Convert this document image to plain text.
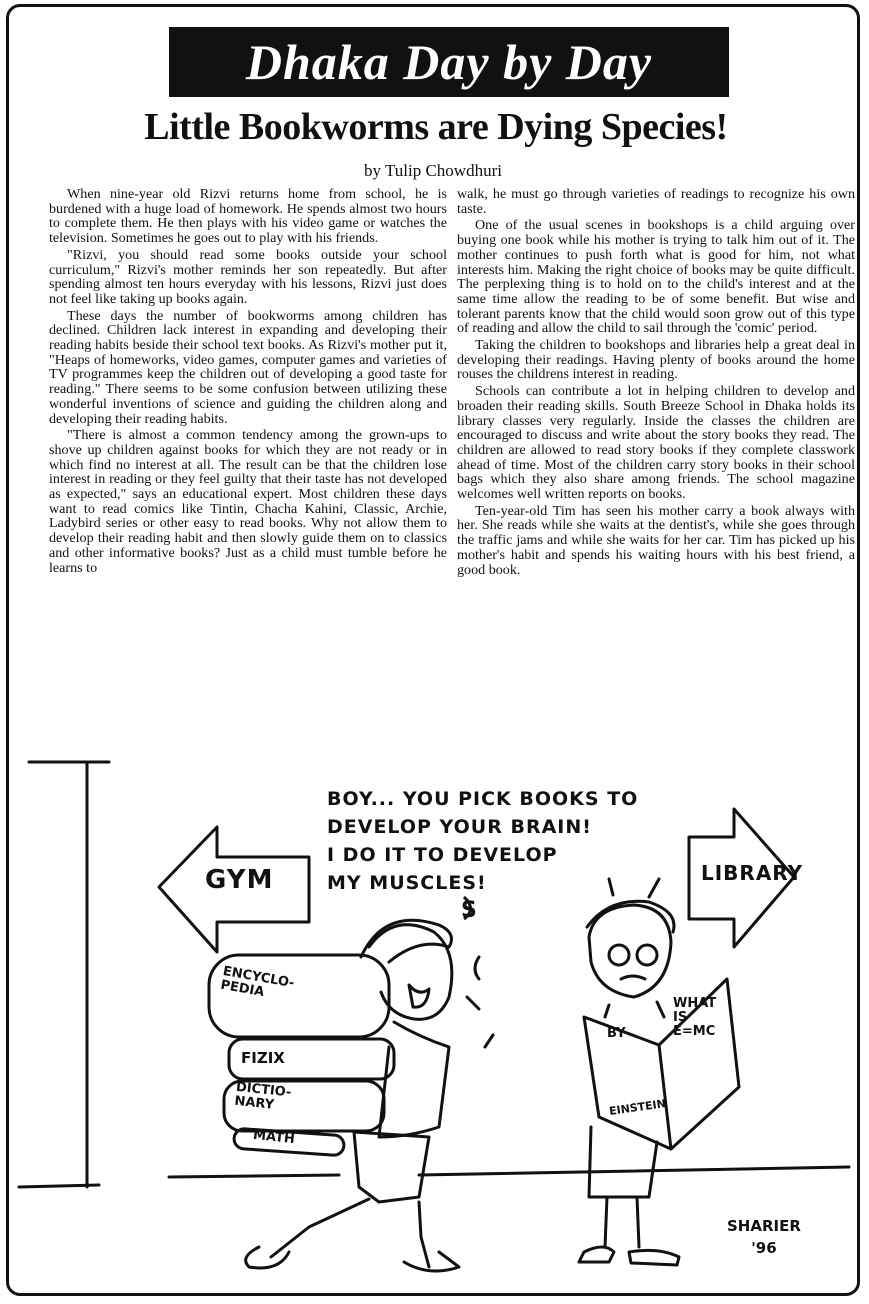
Dhaka Day by Day
Little Bookworms are Dying Species!
by Tulip Chowdhuri

When nine-year old Rizvi returns home from school, he is burdened with a huge load of homework. He spends almost two hours to complete them. He then plays with his video game or watches the television. Sometimes he goes out to play with his friends.

"Rizvi, you should read some books outside your school curriculum," Rizvi's mother reminds her son repeatedly. But after spending almost ten hours everyday with his lessons, Rizvi just does not feel like taking up books again.

These days the number of bookworms among children has declined. Children lack interest in expanding and developing their reading habits beside their school text books. As Rizvi's mother put it, "Heaps of homeworks, video games, computer games and varieties of TV programmes keep the children out of developing a good taste for reading." There seems to be some confusion between utilizing these wonderful inventions of science and guiding the children along and developing their reading habits.

"There is almost a common tendency among the grown-ups to shove up children against books for which they are not ready or in which find no interest at all. The result can be that the children lose interest in reading or they feel guilty that their taste has not developed as expected," says an educational expert. Most children these days want to read comics like Tintin, Chacha Kahini, Classic, Archie, Ladybird series or other easy to read books. Why not allow them to develop their reading habit and then slowly guide them on to classics and other informative books? Just as a child must tumble before he learns to

walk, he must go through varieties of readings to recognize his own taste.

One of the usual scenes in bookshops is a child arguing over buying one book while his mother is trying to talk him out of it. The mother continues to push forth what is good for him, not what interests him. Making the right choice of books may be quite difficult. The perplexing thing is to hold on to the child's interest and at the same time allow the reading to be of some benefit. But wise and tolerant parents know that the child would soon grow out of this type of reading and allow the child to sail through the 'comic' period.

Taking the children to bookshops and libraries help a great deal in developing their readings. Having plenty of books around the home rouses the childrens interest in reading.

Schools can contribute a lot in helping children to develop and broaden their reading skills. South Breeze School in Dhaka holds its library classes very regularly. Inside the classes the children are encouraged to discuss and write about the story books they read. The children are allowed to read story books if they complete classwork ahead of time. Most of the children carry story books in their school bags which they also share among friends. The school magazine welcomes well written reports on books.

Ten-year-old Tim has seen his mother carry a book always with her. She reads while she waits at the dentist's, while she goes through the traffic jams and while she waits for her car. Tim has picked up his mother's habit and spends his waiting hours with his best friend, a good book.

S
BOY... YOU PICK BOOKS TO
DEVELOP YOUR BRAIN!
I DO IT TO DEVELOP
MY MUSCLES!
GYM	LIBRARY
ENCYCLO-PEDIA
FIZIX
DICTIO-NARY
MATH
BY
WHAT IS E=MC
EINSTEIN
SHARIER
'96
